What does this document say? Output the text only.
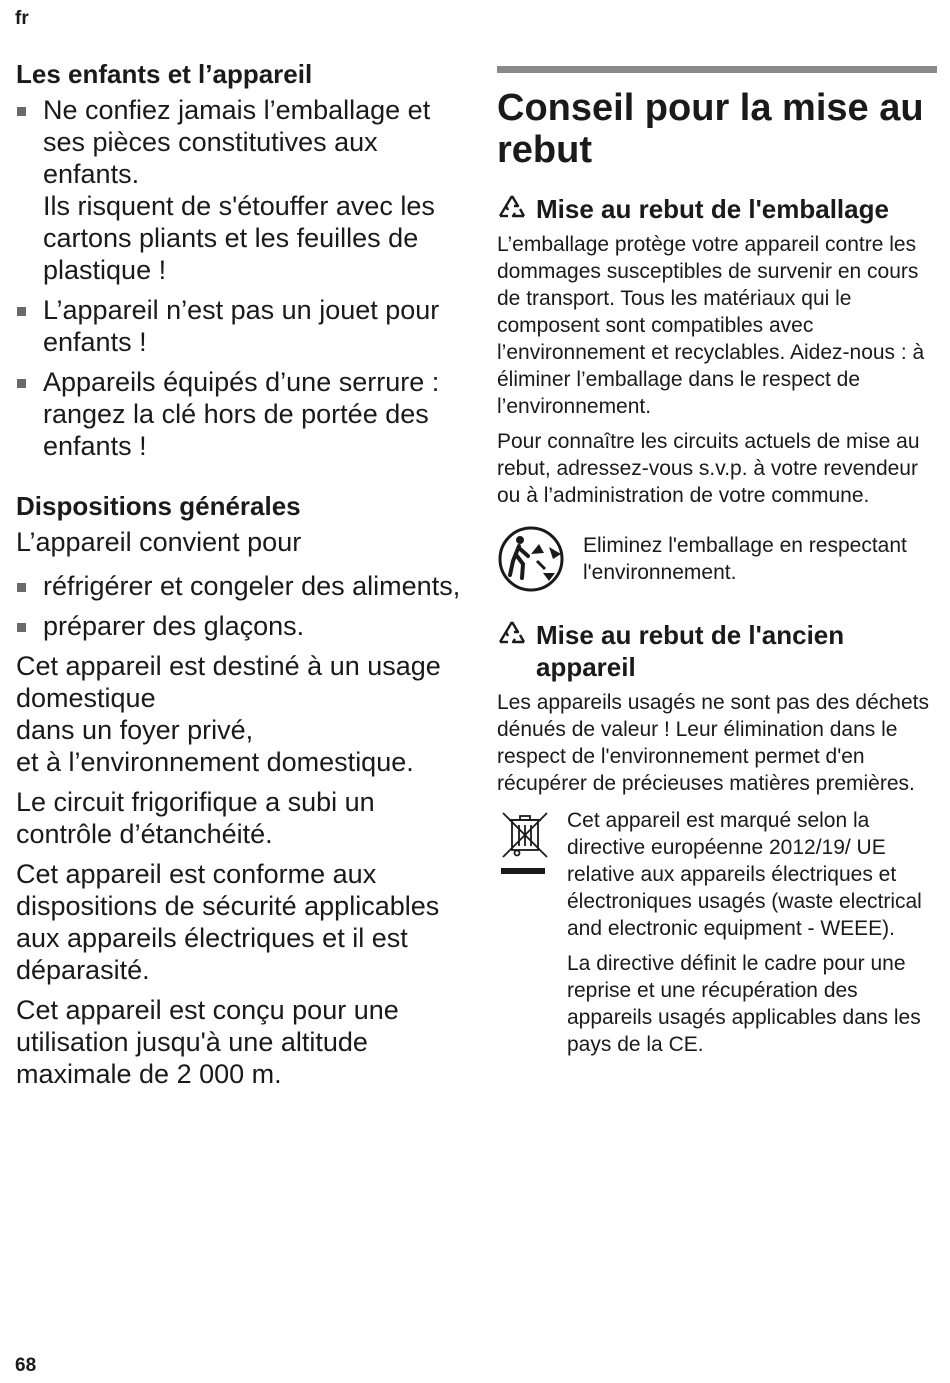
fr
Les enfants et l’appareil
Ne confiez jamais l’emballage et ses pièces constitutives aux enfants.
Ils risquent de s'étouffer avec les cartons pliants et les feuilles de plastique !
L’appareil n’est pas un jouet pour enfants !
Appareils équipés d’une serrure :
rangez la clé hors de portée des enfants !
Dispositions générales

L’appareil convient pour

réfrigérer et congeler des aliments,
préparer des glaçons.

Cet appareil est destiné à un usage domestique
dans un foyer privé,
et à l’environnement domestique.

Le circuit frigorifique a subi un contrôle d’étanchéité.

Cet appareil est conforme aux dispositions de sécurité applicables aux appareils électriques et il est déparasité.

Cet appareil est conçu pour une utilisation jusqu'à une altitude maximale de 2 000 m.

Conseil pour la mise au rebut
Mise au rebut de l'emballage

L’emballage protège votre appareil contre les dommages susceptibles de survenir en cours de transport. Tous les matériaux qui le composent sont compatibles avec l’environnement et recyclables. Aidez-nous : à éliminer l’emballage dans le respect de l’environnement.

Pour connaître les circuits actuels de mise au rebut, adressez-vous s.v.p. à votre revendeur ou à l’administration de votre commune.

Eliminez l'emballage en respectant l'environnement.

Mise au rebut de l'ancien appareil

Les appareils usagés ne sont pas des déchets dénués de valeur ! Leur élimination dans le respect de l'environnement permet d'en récupérer de précieuses matières premières.

Cet appareil est marqué selon la directive européenne 2012/19/ UE relative aux appareils électriques et électroniques usagés (waste electrical and electronic equipment - WEEE).

La directive définit le cadre pour une reprise et une récupération des appareils usagés applicables dans les pays de la CE.

68
